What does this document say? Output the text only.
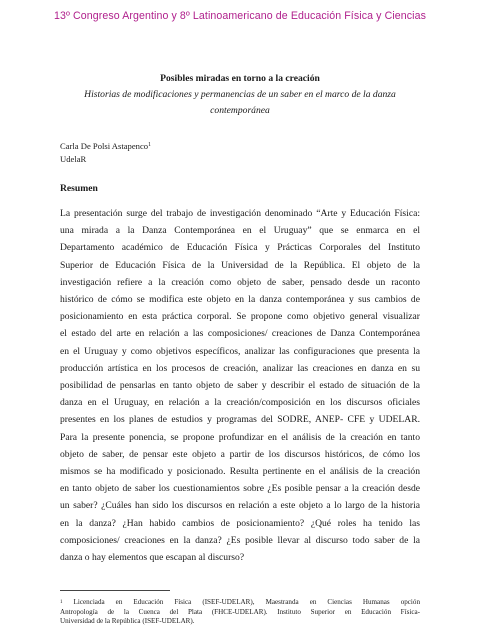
13º Congreso Argentino y 8º Latinoamericano de Educación Física y Ciencias
Posibles miradas en torno a la creación
Historias de modificaciones y permanencias de un saber en el marco de la danza
contemporánea
Carla De Polsi Astapenco$^1$
UdelaR
Resumen
La presentación surge del trabajo de investigación denominado “Arte y Educación Física:
una mirada a la Danza Contemporánea en el Uruguay” que se enmarca en el
Departamento académico de Educación Física y Prácticas Corporales del Instituto
Superior de Educación Física de la Universidad de la República. El objeto de la
investigación refiere a la creación como objeto de saber, pensado desde un raconto
histórico de cómo se modifica este objeto en la danza contemporánea y sus cambios de
posicionamiento en esta práctica corporal. Se propone como objetivo general visualizar
el estado del arte en relación a las composiciones/ creaciones de Danza Contemporánea
en el Uruguay y como objetivos específicos, analizar las configuraciones que presenta la
producción artística en los procesos de creación, analizar las creaciones en danza en su
posibilidad de pensarlas en tanto objeto de saber y describir el estado de situación de la
danza en el Uruguay, en relación a la creación/composición en los discursos oficiales
presentes en los planes de estudios y programas del SODRE, ANEP- CFE y UDELAR.
Para la presente ponencia, se propone profundizar en el análisis de la creación en tanto
objeto de saber, de pensar este objeto a partir de los discursos históricos, de cómo los
mismos se ha modificado y posicionado. Resulta pertinente en el análisis de la creación
en tanto objeto de saber los cuestionamientos sobre ¿Es posible pensar a la creación desde
un saber? ¿Cuáles han sido los discursos en relación a este objeto a lo largo de la historia
en la danza? ¿Han habido cambios de posicionamiento? ¿Qué roles ha tenido las
composiciones/ creaciones en la danza? ¿Es posible llevar al discurso todo saber de la
danza o hay elementos que escapan al discurso?
$^1$ Licenciada en Educación Física (ISEF-UDELAR), Maestranda en Ciencias Humanas opción
Antropología de la Cuenca del Plata (FHCE-UDELAR). Instituto Superior en Educación Física-
Universidad de la República (ISEF-UDELAR).
